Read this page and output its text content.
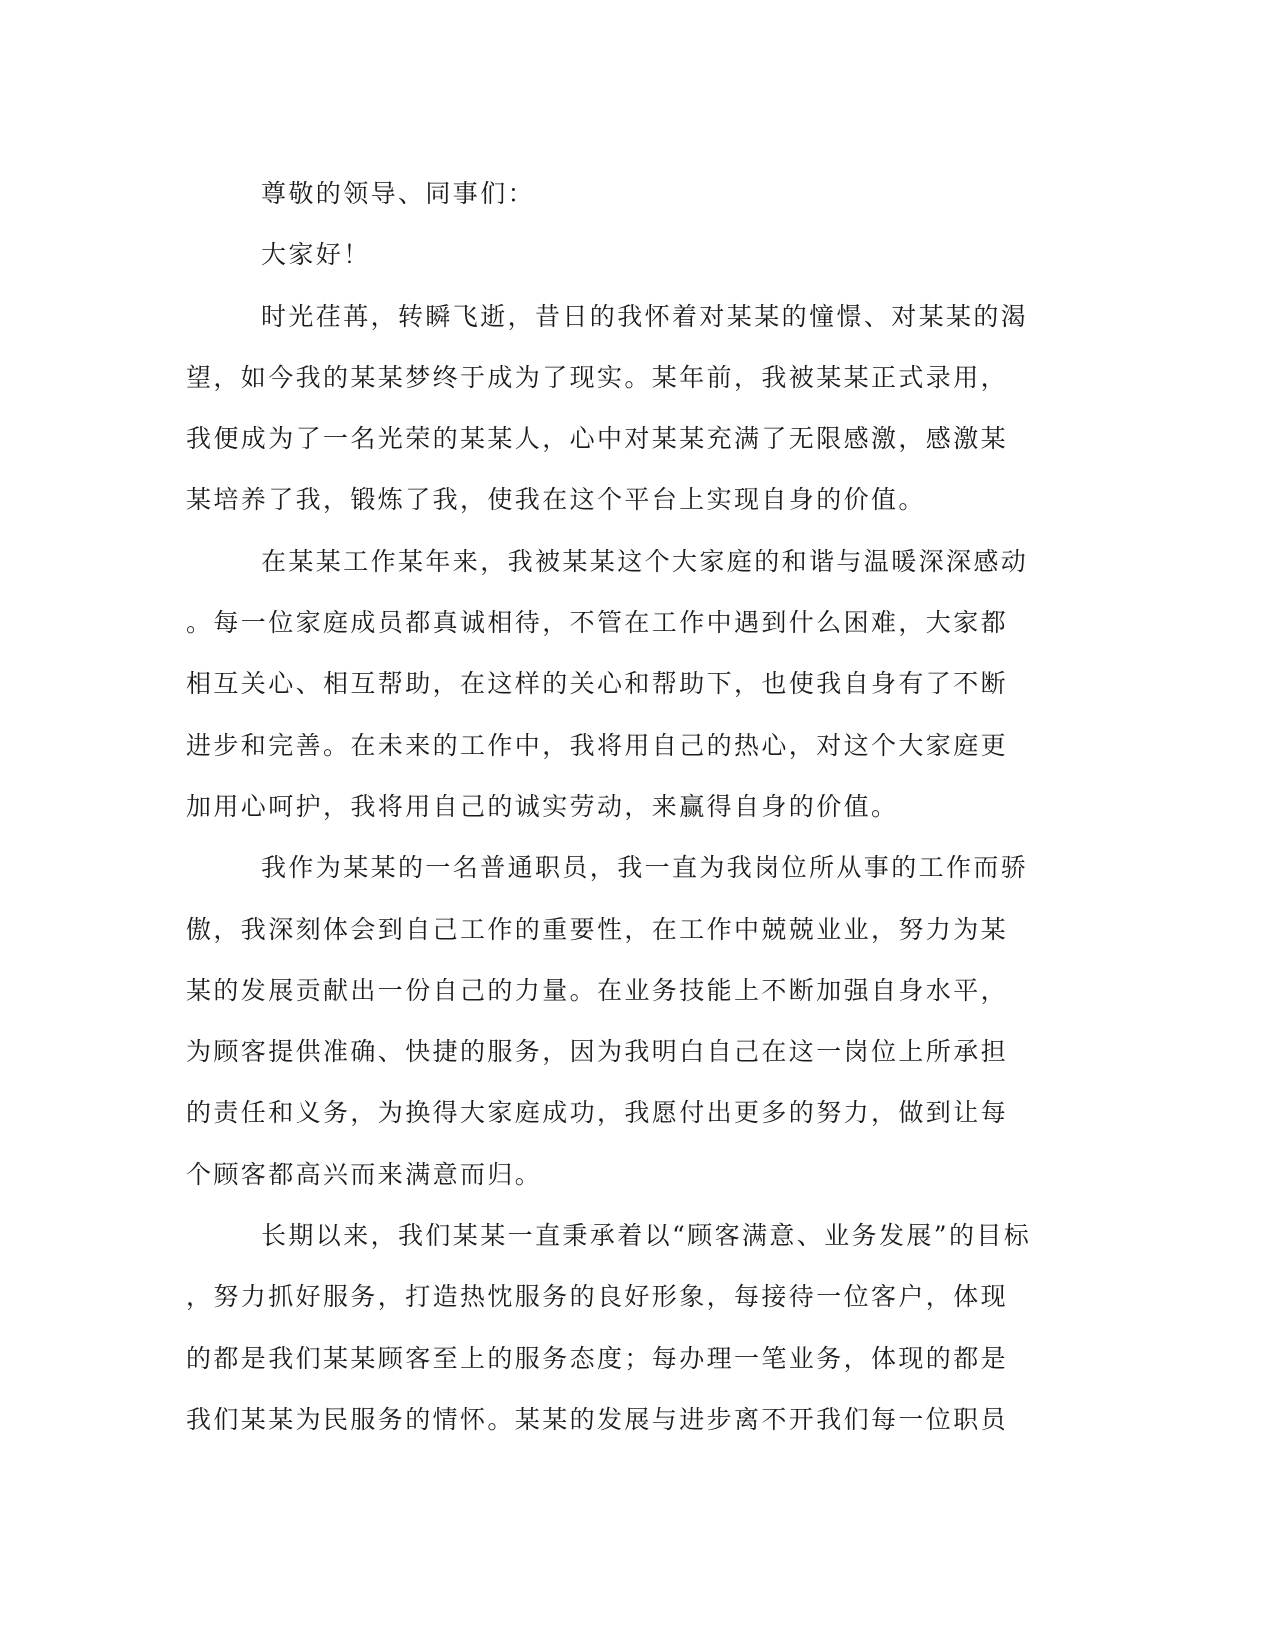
尊敬的领导、同事们：
大家好！
时光荏苒，转瞬飞逝，昔日的我怀着对某某的憧憬、对某某的渴
望，如今我的某某梦终于成为了现实。某年前，我被某某正式录用，
我便成为了一名光荣的某某人，心中对某某充满了无限感激，感激某
某培养了我，锻炼了我，使我在这个平台上实现自身的价值。
在某某工作某年来，我被某某这个大家庭的和谐与温暖深深感动
。每一位家庭成员都真诚相待，不管在工作中遇到什么困难，大家都
相互关心、相互帮助，在这样的关心和帮助下，也使我自身有了不断
进步和完善。在未来的工作中，我将用自己的热心，对这个大家庭更
加用心呵护，我将用自己的诚实劳动，来赢得自身的价值。
我作为某某的一名普通职员，我一直为我岗位所从事的工作而骄
傲，我深刻体会到自己工作的重要性，在工作中兢兢业业，努力为某
某的发展贡献出一份自己的力量。在业务技能上不断加强自身水平，
为顾客提供准确、快捷的服务，因为我明白自己在这一岗位上所承担
的责任和义务，为换得大家庭成功，我愿付出更多的努力，做到让每
个顾客都高兴而来满意而归。
长期以来，我们某某一直秉承着以“顾客满意、业务发展”的目标
，努力抓好服务，打造热忱服务的良好形象，每接待一位客户，体现
的都是我们某某顾客至上的服务态度；每办理一笔业务，体现的都是
我们某某为民服务的情怀。某某的发展与进步离不开我们每一位职员
